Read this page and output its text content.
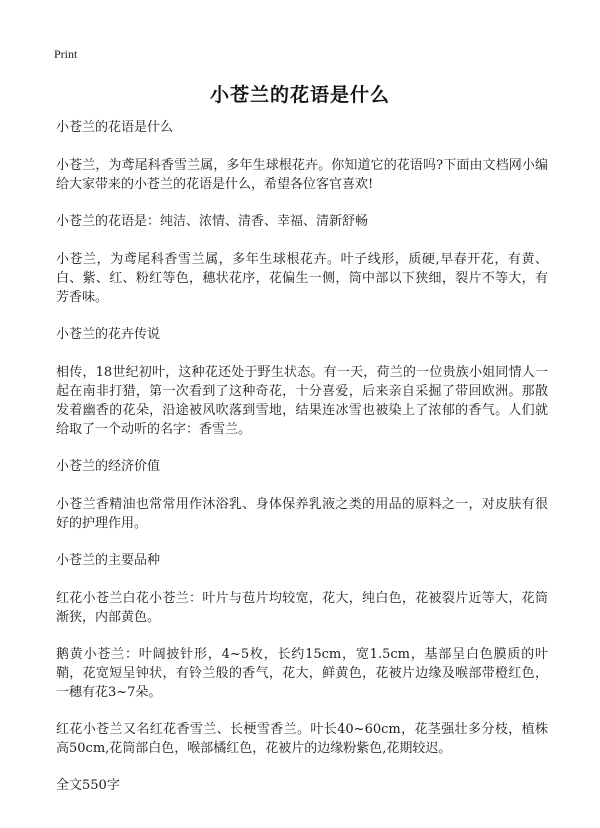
Print
小苍兰的花语是什么

小苍兰的花语是什么

小苍兰，为鸢尾科香雪兰属，多年生球根花卉。你知道它的花语吗?下面由文档网小编给大家带来的小苍兰的花语是什么，希望各位客官喜欢!

小苍兰的花语是：纯洁、浓情、清香、幸福、清新舒畅

小苍兰，为鸢尾科香雪兰属，多年生球根花卉。叶子线形，质硬,早春开花，有黄、白、紫、红、粉红等色，穗状花序，花偏生一侧，筒中部以下狭细，裂片不等大，有芳香味。

小苍兰的花卉传说

相传，18世纪初叶，这种花还处于野生状态。有一天，荷兰的一位贵族小姐同情人一起在南非打猎，第一次看到了这种奇花，十分喜爱，后来亲自采掘了带回欧洲。那散发着幽香的花朵，沿途被风吹落到雪地，结果连冰雪也被染上了浓郁的香气。人们就给取了一个动听的名字：香雪兰。

小苍兰的经济价值

小苍兰香精油也常常用作沐浴乳、身体保养乳液之类的用品的原料之一，对皮肤有很好的护理作用。

小苍兰的主要品种

红花小苍兰白花小苍兰：叶片与苞片均较宽，花大，纯白色，花被裂片近等大，花筒渐狭，内部黄色。

鹅黄小苍兰：叶阔披针形，4~5枚，长约15cm，宽1.5cm，基部呈白色膜质的叶鞘，花宽短呈钟状，有铃兰般的香气，花大，鲜黄色，花被片边缘及喉部带橙红色，一穗有花3~7朵。

红花小苍兰又名红花香雪兰、长梗雪香兰。叶长40~60cm，花茎强壮多分枝，植株高50cm,花筒部白色，喉部橘红色，花被片的边缘粉紫色,花期较迟。

全文550字
